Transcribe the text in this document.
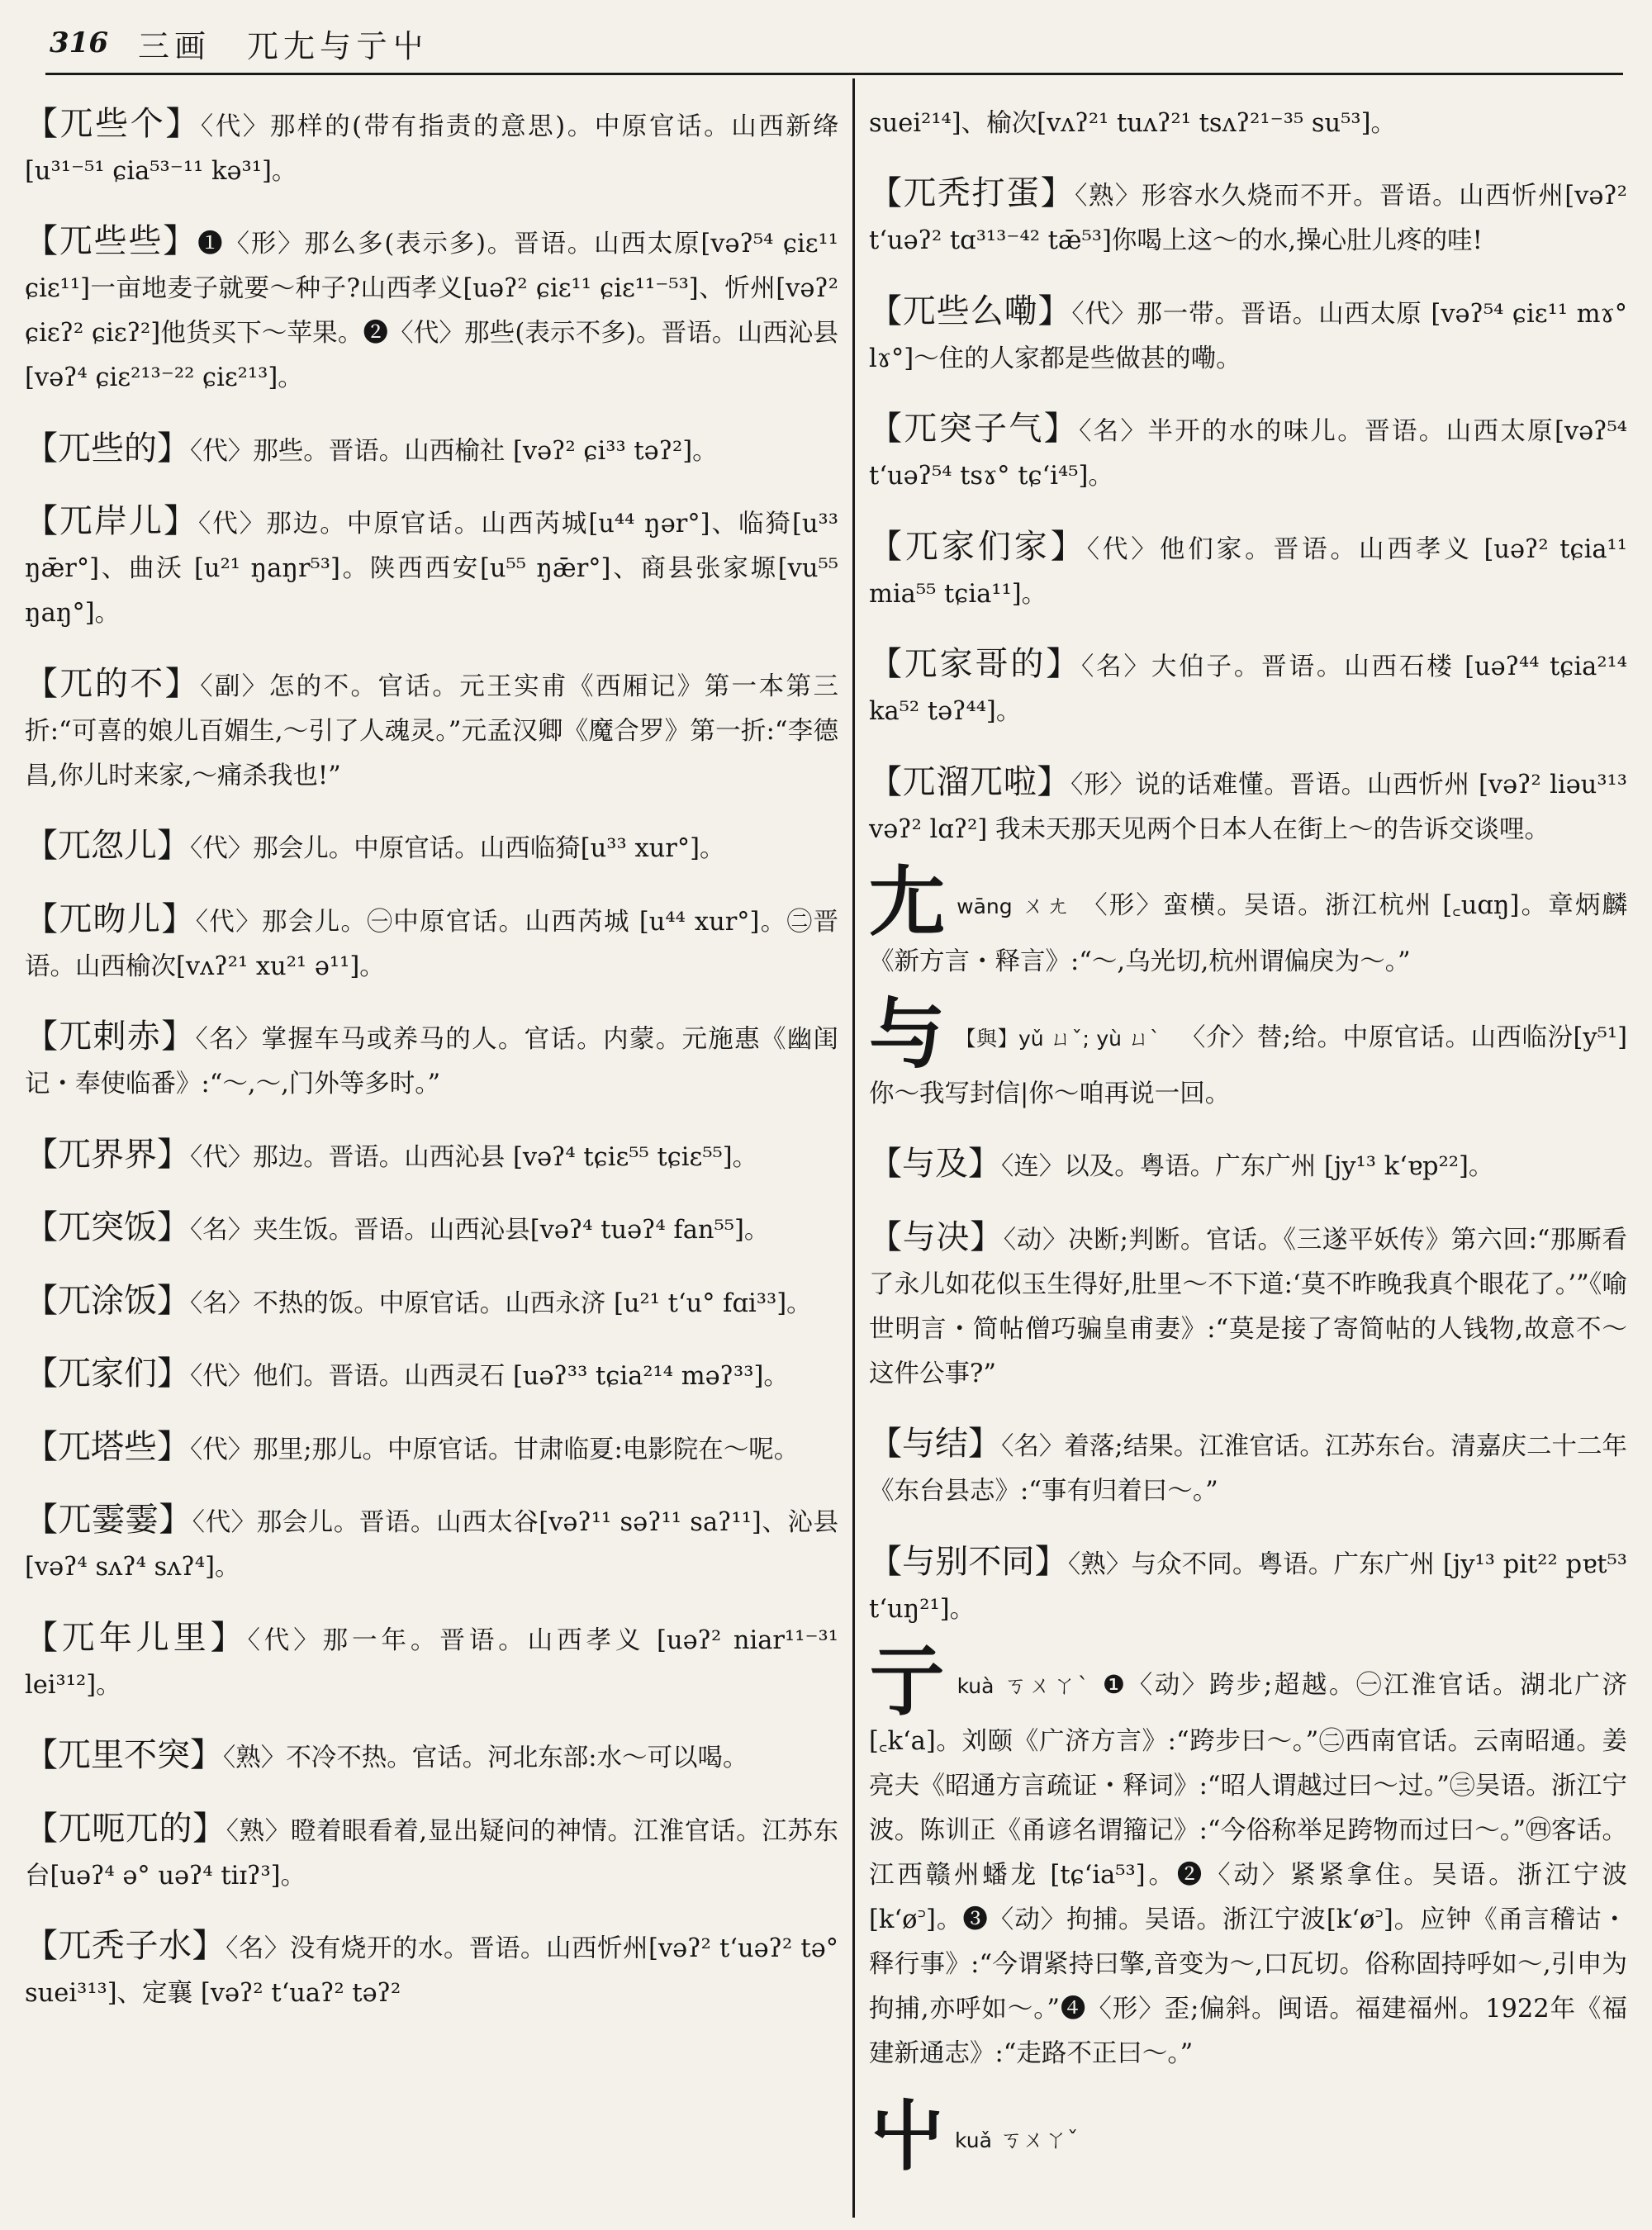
316 三画　兀尢与亍屮

【兀些个】〈代〉那样的(带有指责的意思)。中原官话。山西新绛[u³¹⁻⁵¹ ɕia⁵³⁻¹¹ kə³¹]。

【兀些些】❶〈形〉那么多(表示多)。晋语。山西太原[vəʔ⁵⁴ ɕiɛ¹¹ ɕiɛ¹¹]一亩地麦子就要～种子?山西孝义[uəʔ² ɕiɛ¹¹ ɕiɛ¹¹⁻⁵³]、忻州[vəʔ² ɕiɛʔ² ɕiɛʔ²]他货买下～苹果。❷〈代〉那些(表示不多)。晋语。山西沁县[vəʔ⁴ ɕiɛ²¹³⁻²² ɕiɛ²¹³]。

【兀些的】〈代〉那些。晋语。山西榆社 [vəʔ² ɕi³³ təʔ²]。

【兀岸儿】〈代〉那边。中原官话。山西芮城[u⁴⁴ ŋər°]、临猗[u³³ ŋǣr°]、曲沃 [u²¹ ŋaŋr⁵³]。陕西西安[u⁵⁵ ŋǣr°]、商县张家塬[vu⁵⁵ ŋaŋ°]。

【兀的不】〈副〉怎的不。官话。元王实甫《西厢记》第一本第三折:“可喜的娘儿百媚生,～引了人魂灵。”元孟汉卿《魔合罗》第一折:“李德昌,你儿时来家,～痛杀我也!”

【兀忽儿】〈代〉那会儿。中原官话。山西临猗[u³³ xur°]。

【兀昒儿】〈代〉那会儿。㊀中原官话。山西芮城 [u⁴⁴ xur°]。㊁晋语。山西榆次[vʌʔ²¹ xu²¹ ə¹¹]。

【兀剌赤】〈名〉掌握车马或养马的人。官话。内蒙。元施惠《幽闺记・奉使临番》:“～,～,门外等多时。”

【兀界界】〈代〉那边。晋语。山西沁县 [vəʔ⁴ tɕiɛ⁵⁵ tɕiɛ⁵⁵]。

【兀突饭】〈名〉夹生饭。晋语。山西沁县[vəʔ⁴ tuəʔ⁴ fan⁵⁵]。

【兀涂饭】〈名〉不热的饭。中原官话。山西永济 [u²¹ t‘u° fɑi³³]。

【兀家们】〈代〉他们。晋语。山西灵石 [uəʔ³³ tɕia²¹⁴ məʔ³³]。

【兀塔些】〈代〉那里;那儿。中原官话。甘肃临夏:电影院在～呢。

【兀霎霎】〈代〉那会儿。晋语。山西太谷[vəʔ¹¹ səʔ¹¹ saʔ¹¹]、沁县[vəʔ⁴ sʌʔ⁴ sʌʔ⁴]。

【兀年儿里】〈代〉那一年。晋语。山西孝义 [uəʔ² niar¹¹⁻³¹ lei³¹²]。

【兀里不突】〈熟〉不冷不热。官话。河北东部:水～可以喝。

【兀呃兀的】〈熟〉瞪着眼看着,显出疑问的神情。江淮官话。江苏东台[uəʔ⁴ ə° uəʔ⁴ tiɪʔ³]。

【兀秃子水】〈名〉没有烧开的水。晋语。山西忻州[vəʔ² t‘uəʔ² tə° suei³¹³]、定襄 [vəʔ² t‘uaʔ² təʔ²

suei²¹⁴]、榆次[vʌʔ²¹ tuʌʔ²¹ tsʌʔ²¹⁻³⁵ su⁵³]。

【兀秃打蛋】〈熟〉形容水久烧而不开。晋语。山西忻州[vəʔ² t‘uəʔ² tɑ³¹³⁻⁴² tǣ⁵³]你喝上这～的水,操心肚儿疼的哇!

【兀些么嘞】〈代〉那一带。晋语。山西太原 [vəʔ⁵⁴ ɕiɛ¹¹ mɤ° lɤ°]～住的人家都是些做甚的嘞。

【兀突子气】〈名〉半开的水的味儿。晋语。山西太原[vəʔ⁵⁴ t‘uəʔ⁵⁴ tsɤ° tɕ‘i⁴⁵]。

【兀家们家】〈代〉他们家。晋语。山西孝义 [uəʔ² tɕia¹¹ mia⁵⁵ tɕia¹¹]。

【兀家哥的】〈名〉大伯子。晋语。山西石楼 [uəʔ⁴⁴ tɕia²¹⁴ ka⁵² təʔ⁴⁴]。

【兀溜兀啦】〈形〉说的话难懂。晋语。山西忻州 [vəʔ² liəu³¹³ vəʔ² lɑʔ²] 我未天那天见两个日本人在街上～的告诉交谈哩。

尢wāng ㄨㄤ 〈形〉蛮横。吴语。浙江杭州 [꜀uɑŋ]。章炳麟《新方言・释言》:“～,乌光切,杭州谓偏戾为～。”

与 【與】yǔ ㄩˇ; yù ㄩˋ 〈介〉替;给。中原官话。山西临汾[y⁵¹]你～我写封信|你～咱再说一回。

【与及】〈连〉以及。粤语。广东广州 [jy¹³ k‘ɐp²²]。

【与决】〈动〉决断;判断。官话。《三遂平妖传》第六回:“那厮看了永儿如花似玉生得好,肚里～不下道:‘莫不昨晚我真个眼花了。’”《喻世明言・简帖僧巧骗皇甫妻》:“莫是接了寄简帖的人钱物,故意不～这件公事?”

【与结】〈名〉着落;结果。江淮官话。江苏东台。清嘉庆二十二年《东台县志》:“事有归着曰～。”

【与别不同】〈熟〉与众不同。粤语。广东广州 [jy¹³ pit²² pɐt⁵³ t‘uŋ²¹]。

亍kuà ㄎㄨㄚˋ ❶〈动〉跨步;超越。㊀江淮官话。湖北广济[꜀k‘a]。刘颐《广济方言》:“跨步曰～。”㊁西南官话。云南昭通。姜亮夫《昭通方言疏证・释词》:“昭人谓越过曰～过。”㊂吴语。浙江宁波。陈训正《甬谚名谓籀记》:“今俗称举足跨物而过曰～。”㊃客话。江西赣州蟠龙 [tɕ‘ia⁵³]。❷〈动〉紧紧拿住。吴语。浙江宁波[k‘ø꜄]。❸〈动〉拘捕。吴语。浙江宁波[k‘ø꜄]。应钟《甬言稽诂・释行事》:“今谓紧持曰擎,音变为～,口瓦切。俗称固持呼如～,引申为拘捕,亦呼如～。”❹〈形〉歪;偏斜。闽语。福建福州。1922年《福建新通志》:“走路不正曰～。”

屮kuǎ ㄎㄨㄚˇ
